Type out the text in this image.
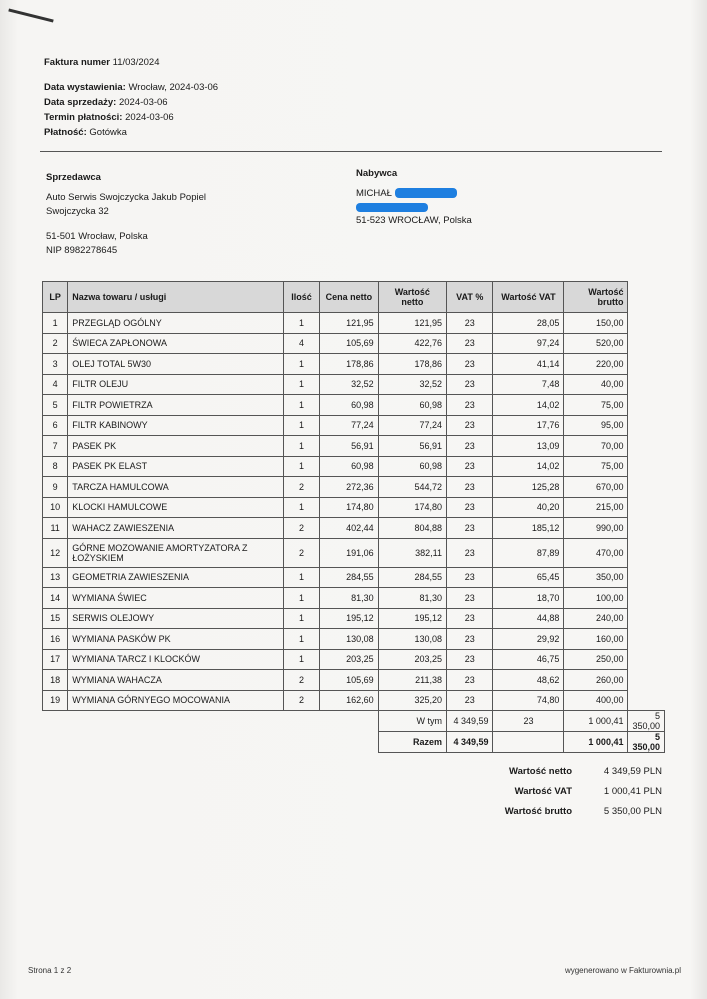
Faktura numer 11/03/2024
Data wystawienia: Wrocław, 2024-03-06
Data sprzedaży: 2024-03-06
Termin płatności: 2024-03-06
Płatność: Gotówka
Sprzedawca
Auto Serwis Swojczycka Jakub Popiel
Swojczycka 32
51-501 Wrocław, Polska
NIP 8982278645
Nabywca
MICHAŁ
51-523 WROCŁAW, Polska
LP	Nazwa towaru / usługi	Ilość	Cena netto	Wartość netto	VAT %	Wartość VAT	Wartość brutto	
1	PRZEGLĄD OGÓLNY	1	121,95	121,95	23	28,05	150,00	
2	ŚWIECA ZAPŁONOWA	4	105,69	422,76	23	97,24	520,00	
3	OLEJ TOTAL 5W30	1	178,86	178,86	23	41,14	220,00	
4	FILTR OLEJU	1	32,52	32,52	23	7,48	40,00	
5	FILTR POWIETRZA	1	60,98	60,98	23	14,02	75,00	
6	FILTR KABINOWY	1	77,24	77,24	23	17,76	95,00	
7	PASEK PK	1	56,91	56,91	23	13,09	70,00	
8	PASEK PK ELAST	1	60,98	60,98	23	14,02	75,00	
9	TARCZA HAMULCOWA	2	272,36	544,72	23	125,28	670,00	
10	KLOCKI HAMULCOWE	1	174,80	174,80	23	40,20	215,00	
11	WAHACZ ZAWIESZENIA	2	402,44	804,88	23	185,12	990,00	
12	GÓRNE MOZOWANIE AMORTYZATORA Z ŁOŻYSKIEM	2	191,06	382,11	23	87,89	470,00	
13	GEOMETRIA ZAWIESZENIA	1	284,55	284,55	23	65,45	350,00	
14	WYMIANA ŚWIEC	1	81,30	81,30	23	18,70	100,00	
15	SERWIS OLEJOWY	1	195,12	195,12	23	44,88	240,00	
16	WYMIANA PASKÓW PK	1	130,08	130,08	23	29,92	160,00	
17	WYMIANA TARCZ I KLOCKÓW	1	203,25	203,25	23	46,75	250,00	
18	WYMIANA WAHACZA	2	105,69	211,38	23	48,62	260,00	
19	WYMIANA GÓRNYEGO MOCOWANIA	2	162,60	325,20	23	74,80	400,00	
				W tym	4 349,59	23	1 000,41	5 350,00
				Razem	4 349,59		1 000,41	5 350,00
Wartość netto	4 349,59 PLN
Wartość VAT	1 000,41 PLN
Wartość brutto	5 350,00 PLN
Strona 1 z 2	wygenerowano w Fakturownia.pl
